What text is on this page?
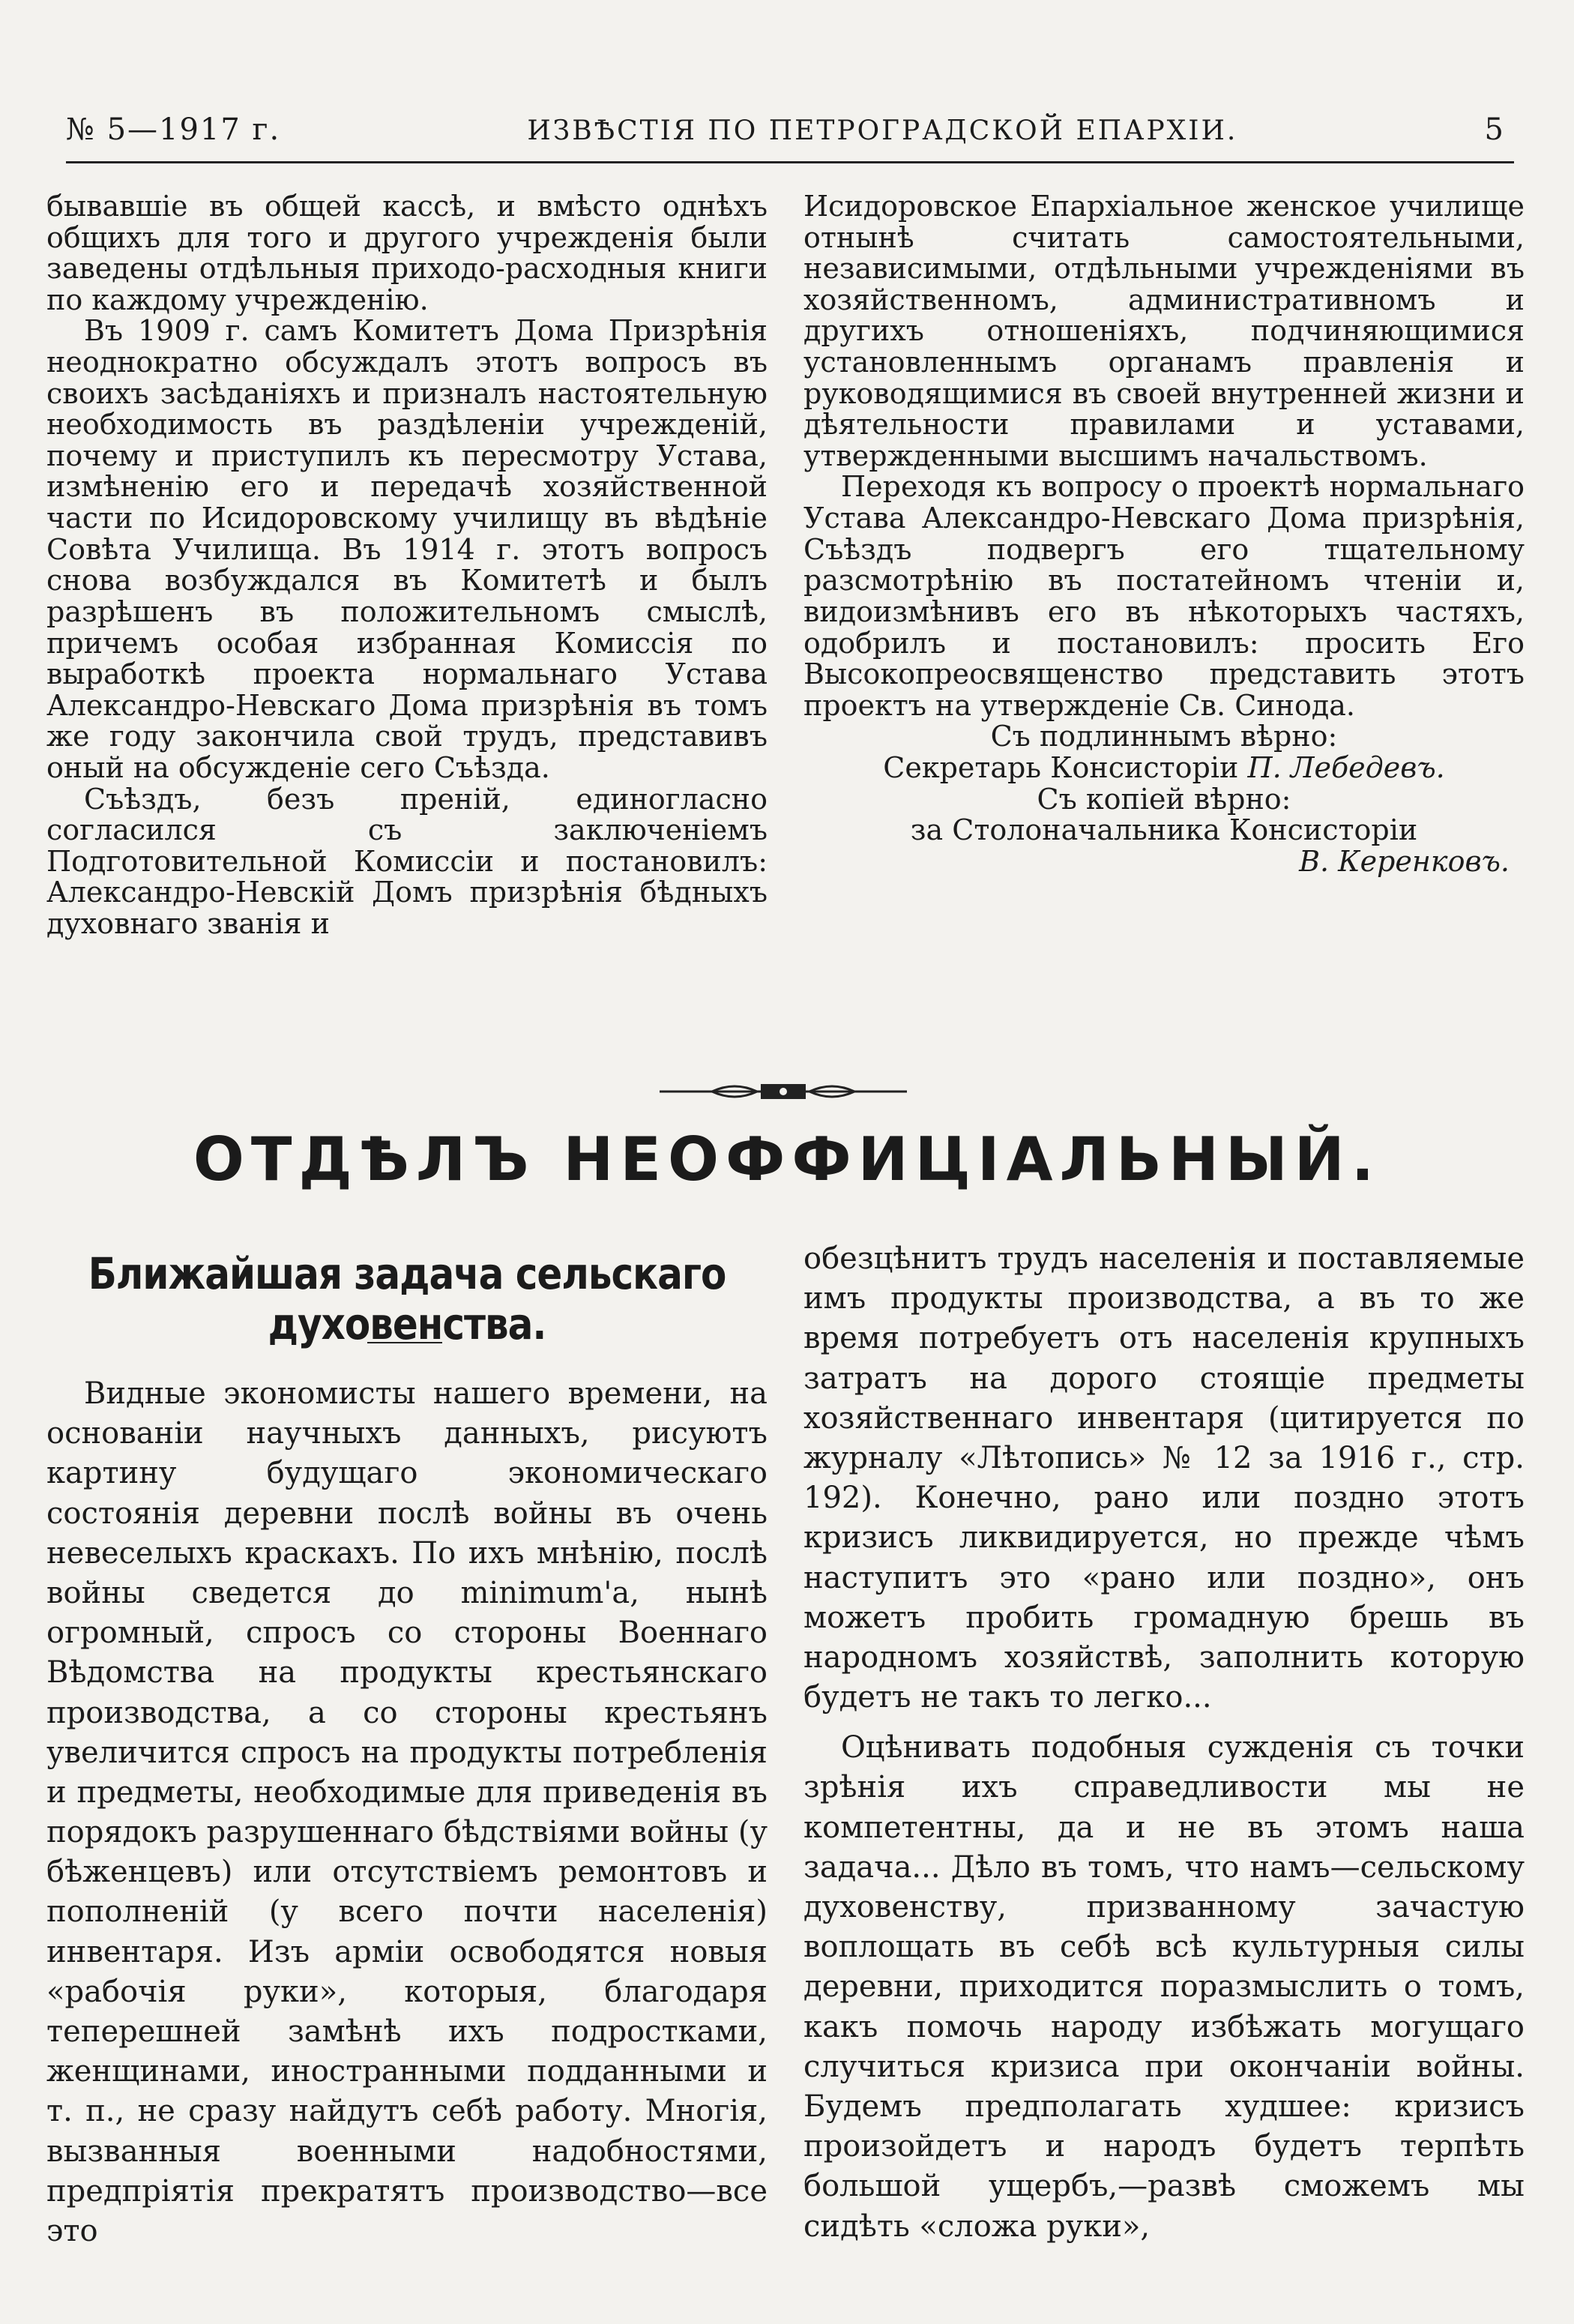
№ 5—1917 г.	ИЗВѢСТІЯ ПО ПЕТРОГРАДСКОЙ ЕПАРХІИ.	5

бывавшіе въ общей кассѣ, и вмѣсто однѣхъ общихъ для того и другого учрежденія были заведены отдѣльныя приходо-расходныя книги по каждому учрежденію.

Въ 1909 г. самъ Комитетъ Дома Призрѣнія неоднократно обсуждалъ этотъ вопросъ въ своихъ засѣданіяхъ и призналъ настоятельную необходимость въ раздѣленіи учрежденій, почему и приступилъ къ пересмотру Устава, измѣненію его и передачѣ хозяйственной части по Исидоровскому училищу въ вѣдѣніе Совѣта Училища. Въ 1914 г. этотъ вопросъ снова возбуждался въ Комитетѣ и былъ разрѣшенъ въ положительномъ смыслѣ, причемъ особая избранная Комиссія по выработкѣ проекта нормальнаго Устава Александро-Невскаго Дома призрѣнія въ томъ же году закончила свой трудъ, представивъ оный на обсужденіе сего Съѣзда.

Съѣздъ, безъ преній, единогласно согласился съ заключеніемъ Подготовительной Комиссіи и постановилъ: Александро-Невскій Домъ призрѣнія бѣдныхъ духовнаго званія и

Исидоровское Епархіальное женское училище отнынѣ считать самостоятельными, независимыми, отдѣльными учрежденіями въ хозяйственномъ, административномъ и другихъ отношеніяхъ, подчиняющимися установленнымъ органамъ правленія и руководящимися въ своей внутренней жизни и дѣятельности правилами и уставами, утвержденными высшимъ начальствомъ.

Переходя къ вопросу о проектѣ нормальнаго Устава Александро-Невскаго Дома призрѣнія, Съѣздъ подвергъ его тщательному разсмотрѣнію въ постатейномъ чтеніи и, видоизмѣнивъ его въ нѣкоторыхъ частяхъ, одобрилъ и постановилъ: просить Его Высокопреосвященство представить этотъ проектъ на утвержденіе Св. Синода.

Съ подлиннымъ вѣрно:

Секретарь Консисторіи П. Лебедевъ.

Съ копіей вѣрно:

за Столоначальника Консисторіи

В. Керенковъ.

ОТДѢЛЪ НЕОФФИЦІАЛЬНЫЙ.
Ближайшая задача сельскаго духовенства.

Видные экономисты нашего времени, на основаніи научныхъ данныхъ, рисуютъ картину будущаго экономическаго состоянія деревни послѣ войны въ очень невеселыхъ краскахъ. По ихъ мнѣнію, послѣ войны сведется до minimum'а, нынѣ огромный, спросъ со стороны Военнаго Вѣдомства на продукты крестьянскаго производства, а со стороны крестьянъ увеличится спросъ на продукты потребленія и предметы, необходимые для приведенія въ порядокъ разрушеннаго бѣдствіями войны (у бѣженцевъ) или отсутствіемъ ремонтовъ и пополненій (у всего почти населенія) инвентаря. Изъ арміи освободятся новыя «рабочія руки», которыя, благодаря теперешней замѣнѣ ихъ подростками, женщинами, иностранными подданными и т. п., не сразу найдутъ себѣ работу. Многія, вызванныя военными надобностями, предпріятія прекратятъ производство—все это

обезцѣнитъ трудъ населенія и поставляемые имъ продукты производства, а въ то же время потребуетъ отъ населенія крупныхъ затратъ на дорого стоящіе предметы хозяйственнаго инвентаря (цитируется по журналу «Лѣтопись» № 12 за 1916 г., стр. 192). Конечно, рано или поздно этотъ кризисъ ликвидируется, но прежде чѣмъ наступитъ это «рано или поздно», онъ можетъ пробить громадную брешь въ народномъ хозяйствѣ, заполнить которую будетъ не такъ то легко...

Оцѣнивать подобныя сужденія съ точки зрѣнія ихъ справедливости мы не компетентны, да и не въ этомъ наша задача... Дѣло въ томъ, что намъ—сельскому духовенству, призванному зачастую воплощать въ себѣ всѣ культурныя силы деревни, приходится поразмыслить о томъ, какъ помочь народу избѣжать могущаго случиться кризиса при окончаніи войны. Будемъ предполагать худшее: кризисъ произойдетъ и народъ будетъ терпѣть большой ущербъ,—развѣ сможемъ мы сидѣть «сложа руки»,
